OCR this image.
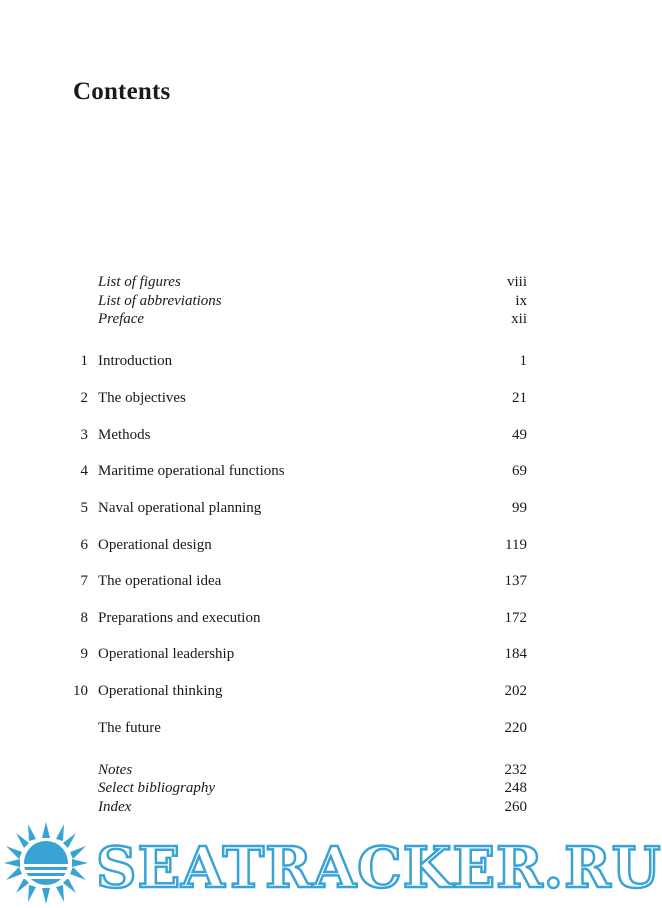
Contents
List of figures	viii
List of abbreviations	ix
Preface	xii
1 Introduction	1
2 The objectives	21
3 Methods	49
4 Maritime operational functions	69
5 Naval operational planning	99
6 Operational design	119
7 The operational idea	137
8 Preparations and execution	172
9 Operational leadership	184
10 Operational thinking	202
The future	220
Notes	232
Select bibliography	248
Index	260
SEATRACKER.RU
